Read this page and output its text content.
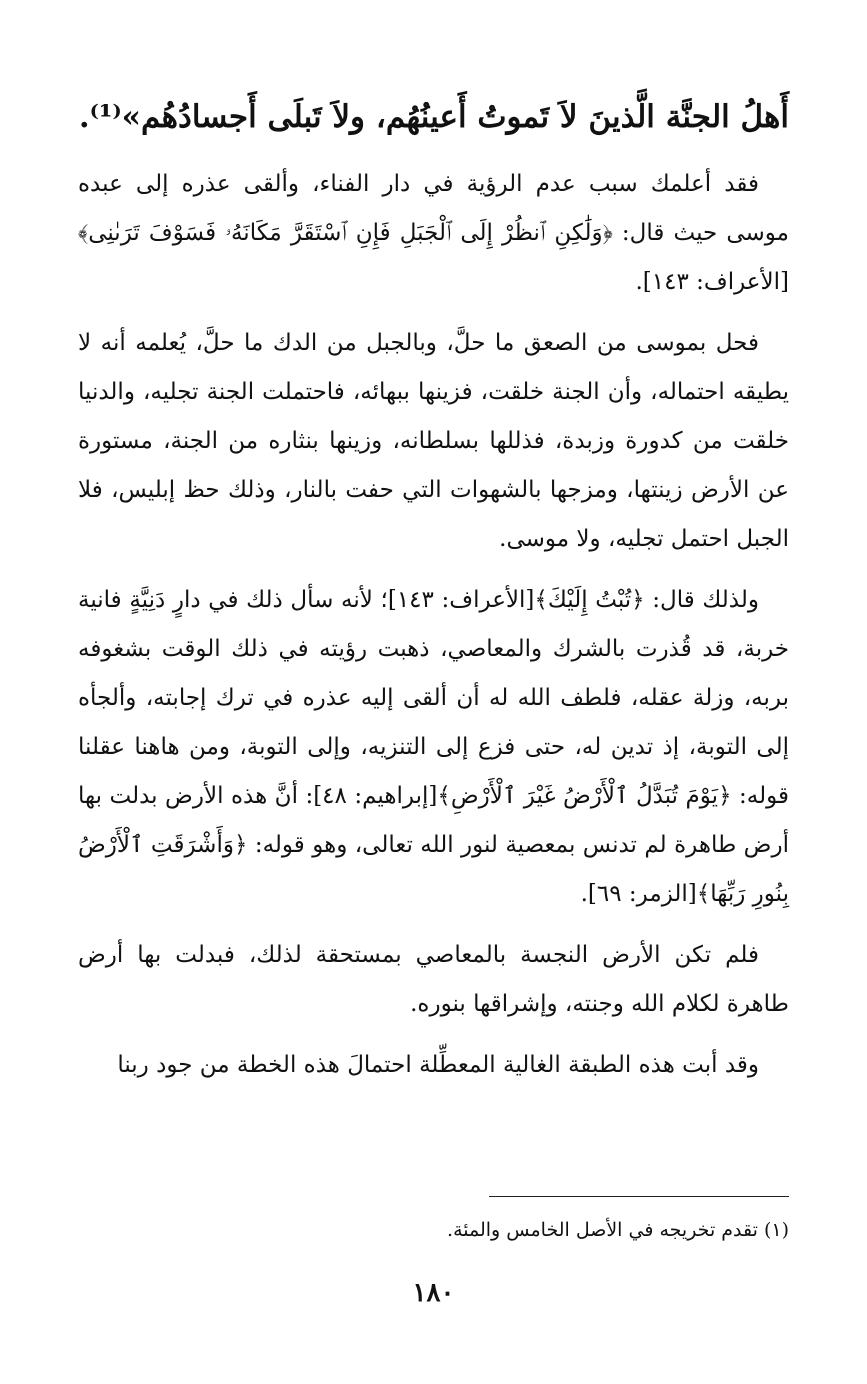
أَهلُ الجنَّة الَّذينَ لاَ تَموتُ أَعينُهُم، ولاَ تَبلَى أَجسادُهُم»⁽¹⁾.

فقد أعلمك سبب عدم الرؤية في دار الفناء، وألقى عذره إلى عبده موسى حيث قال: ﴿وَلَٰكِنِ ٱنظُرْ إِلَى ٱلْجَبَلِ فَإِنِ ٱسْتَقَرَّ مَكَانَهُۥ فَسَوْفَ تَرَىٰنِى﴾[الأعراف: ١٤٣].

فحل بموسى من الصعق ما حلَّ، وبالجبل من الدك ما حلَّ، يُعلمه أنه لا يطيقه احتماله، وأن الجنة خلقت، فزينها ببهائه، فاحتملت الجنة تجليه، والدنيا خلقت من كدورة وزبدة، فذللها بسلطانه، وزينها بنثاره من الجنة، مستورة عن الأرض زينتها، ومزجها بالشهوات التي حفت بالنار، وذلك حظ إبليس، فلا الجبل احتمل تجليه، ولا موسى.

ولذلك قال: ﴿تُبْتُ إِلَيْكَ﴾[الأعراف: ١٤٣]؛ لأنه سأل ذلك في دارٍ دَنِيَّةٍ فانية خربة، قد قُذرت بالشرك والمعاصي، ذهبت رؤيته في ذلك الوقت بشغوفه بربه، وزلة عقله، فلطف الله له أن ألقى إليه عذره في ترك إجابته، وألجأه إلى التوبة، إذ تدين له، حتى فزع إلى التنزيه، وإلى التوبة، ومن هاهنا عقلنا قوله: ﴿يَوْمَ تُبَدَّلُ ٱلْأَرْضُ غَيْرَ ٱلْأَرْضِ﴾[إبراهيم: ٤٨]: أنَّ هذه الأرض بدلت بها أرض طاهرة لم تدنس بمعصية لنور الله تعالى، وهو قوله: ﴿وَأَشْرَقَتِ ٱلْأَرْضُ بِنُورِ رَبِّهَا﴾[الزمر: ٦٩].

فلم تكن الأرض النجسة بالمعاصي بمستحقة لذلك، فبدلت بها أرض طاهرة لكلام الله وجنته، وإشراقها بنوره.

وقد أبت هذه الطبقة الغالية المعطِّلة احتمالَ هذه الخطة من جود ربنا

(١) تقدم تخريجه في الأصل الخامس والمئة.
١٨٠
